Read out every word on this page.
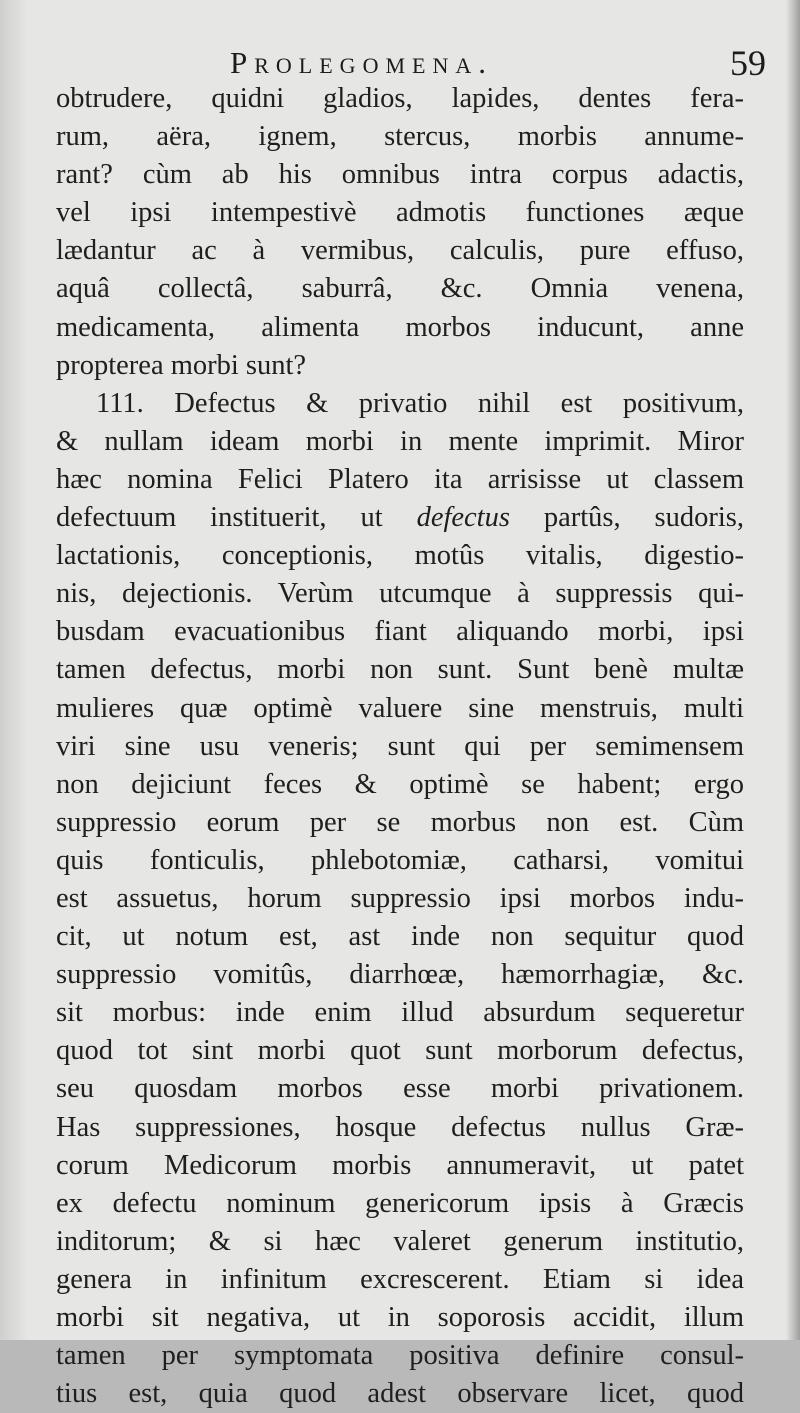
Prolegomena.	59
obtrudere, quidni gladios, lapides, dentes fera-
rum, aëra, ignem, stercus, morbis annume-
rant? cùm ab his omnibus intra corpus adactis,
vel ipsi intempestivè admotis functiones æque
lædantur ac à vermibus, calculis, pure effuso,
aquâ collectâ, saburrâ, &c. Omnia venena,
medicamenta, alimenta morbos inducunt, anne
propterea morbi sunt?
111. Defectus & privatio nihil est positivum,
& nullam ideam morbi in mente imprimit. Miror
hæc nomina Felici Platero ita arrisisse ut classem
defectuum instituerit, ut defectus partûs, sudoris,
lactationis, conceptionis, motûs vitalis, digestio-
nis, dejectionis. Verùm utcumque à suppressis qui-
busdam evacuationibus fiant aliquando morbi, ipsi
tamen defectus, morbi non sunt. Sunt benè multæ
mulieres quæ optimè valuere sine menstruis, multi
viri sine usu veneris; sunt qui per semimensem
non dejiciunt feces & optimè se habent; ergo
suppressio eorum per se morbus non est. Cùm
quis fonticulis, phlebotomiæ, catharsi, vomitui
est assuetus, horum suppressio ipsi morbos indu-
cit, ut notum est, ast inde non sequitur quod
suppressio vomitûs, diarrhœæ, hæmorrhagiæ, &c.
sit morbus: inde enim illud absurdum sequeretur
quod tot sint morbi quot sunt morborum defectus,
seu quosdam morbos esse morbi privationem.
Has suppressiones, hosque defectus nullus Græ-
corum Medicorum morbis annumeravit, ut patet
ex defectu nominum genericorum ipsis à Græcis
inditorum; & si hæc valeret generum institutio,
genera in infinitum excrescerent. Etiam si idea
morbi sit negativa, ut in soporosis accidit, illum
tamen per symptomata positiva definire consul-
tius est, quia quod adest observare licet, quod
